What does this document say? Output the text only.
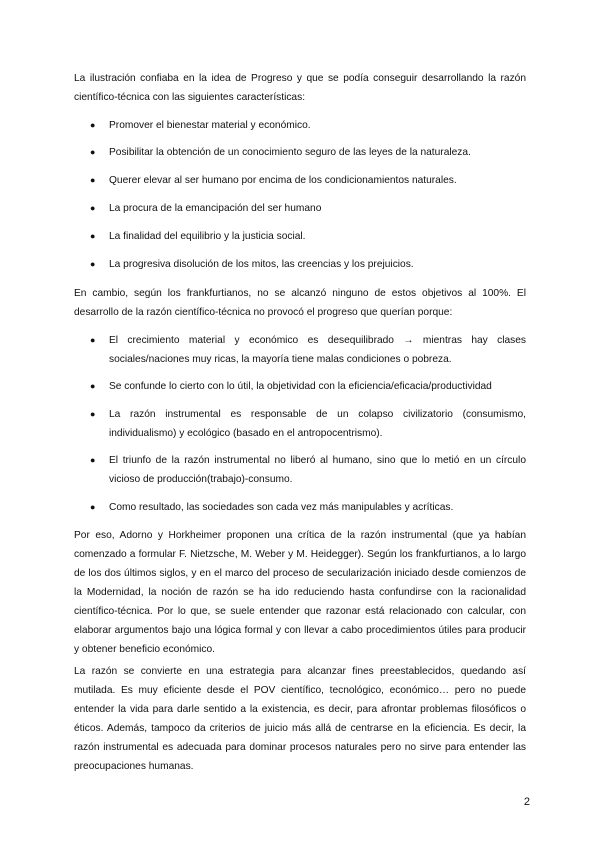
La ilustración confiaba en la idea de Progreso y que se podía conseguir desarrollando la razón científico-técnica con las siguientes características:

●	Promover el bienestar material y económico.
●	Posibilitar la obtención de un conocimiento seguro de las leyes de la naturaleza.
●	Querer elevar al ser humano por encima de los condicionamientos naturales.
●	La procura de la emancipación del ser humano
●	La finalidad del equilibrio y la justicia social.
●	La progresiva disolución de los mitos, las creencias y los prejuicios.

En cambio, según los frankfurtianos, no se alcanzó ninguno de estos objetivos al 100%. El desarrollo de la razón científico-técnica no provocó el progreso que querían porque:

●	El crecimiento material y económico es desequilibrado → mientras hay clases sociales/naciones muy ricas, la mayoría tiene malas condiciones o pobreza.
●	Se confunde lo cierto con lo útil, la objetividad con la eficiencia/eficacia/productividad
●	La razón instrumental es responsable de un colapso civilizatorio (consumismo, individualismo) y ecológico (basado en el antropocentrismo).
●	El triunfo de la razón instrumental no liberó al humano, sino que lo metió en un círculo vicioso de producción(trabajo)-consumo.
●	Como resultado, las sociedades son cada vez más manipulables y acríticas.

Por eso, Adorno y Horkheimer proponen una crítica de la razón instrumental (que ya habían comenzado a formular F. Nietzsche, M. Weber y M. Heidegger). Según los frankfurtianos, a lo largo de los dos últimos siglos, y en el marco del proceso de secularización iniciado desde comienzos de la Modernidad, la noción de razón se ha ido reduciendo hasta confundirse con la racionalidad científico-técnica. Por lo que, se suele entender que razonar está relacionado con calcular, con elaborar argumentos bajo una lógica formal y con llevar a cabo procedimientos útiles para producir y obtener beneficio económico.

La razón se convierte en una estrategia para alcanzar fines preestablecidos, quedando así mutilada. Es muy eficiente desde el POV científico, tecnológico, económico… pero no puede entender la vida para darle sentido a la existencia, es decir, para afrontar problemas filosóficos o éticos. Además, tampoco da criterios de juicio más allá de centrarse en la eficiencia. Es decir, la razón instrumental es adecuada para dominar procesos naturales pero no sirve para entender las preocupaciones humanas.

2
